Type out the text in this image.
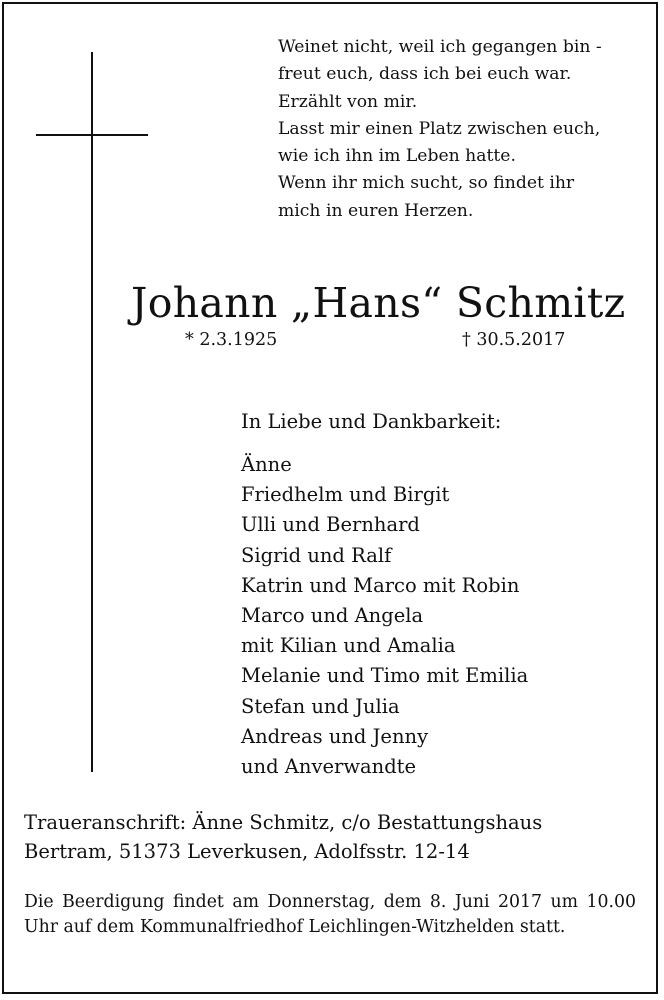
Weinet nicht, weil ich gegangen bin -
freut euch, dass ich bei euch war.
Erzählt von mir.
Lasst mir einen Platz zwischen euch,
wie ich ihn im Leben hatte.
Wenn ihr mich sucht, so findet ihr
mich in euren Herzen.
Johann „Hans“ Schmitz
* 2.3.1925	† 30.5.2017
In Liebe und Dankbarkeit:
Änne
Friedhelm und Birgit
Ulli und Bernhard
Sigrid und Ralf
Katrin und Marco mit Robin
Marco und Angela
mit Kilian und Amalia
Melanie und Timo mit Emilia
Stefan und Julia
Andreas und Jenny
und Anverwandte
Traueranschrift: Änne Schmitz, c/o Bestattungshaus
Bertram, 51373 Leverkusen, Adolfsstr. 12-14
Die Beerdigung findet am Donnerstag, dem 8. Juni 2017 um 10.00 Uhr auf dem Kommunalfriedhof Leichlingen-Witzhelden statt.
